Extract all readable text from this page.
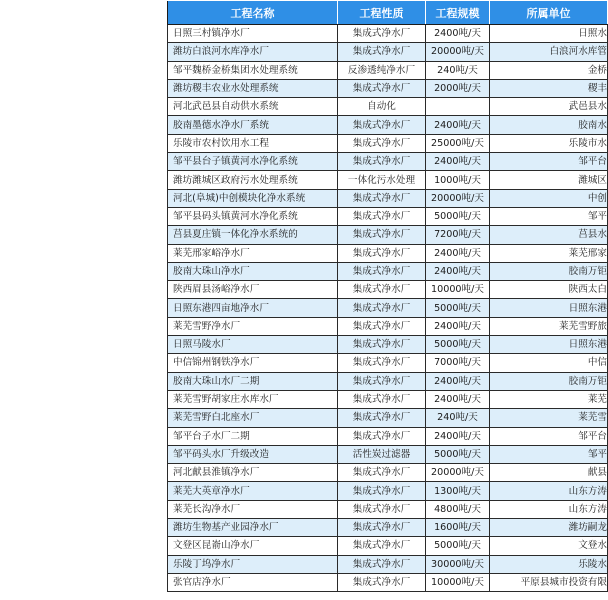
工程名称	工程性质	工程规模	所属单位
日照三村镇净水厂	集成式净水厂	2400吨/天	日照水
潍坊白浪河水库净水厂	集成式净水厂	20000吨/天	白浪河水库管
邹平魏桥金桥集团水处理系统	反渗透纯净水厂	240吨/天	金桥
潍坊稷丰农业水处理系统	集成式净水厂	2000吨/天	稷丰
河北武邑县自动供水系统	自动化		武邑县水
胶南墨德水净水厂系统	集成式净水厂	2400吨/天	胶南水
乐陵市农村饮用水工程	集成式净水厂	25000吨/天	乐陵市水
邹平县台子镇黄河水净化系统	集成式净水厂	2400吨/天	邹平台
潍坊潍城区政府污水处理系统	一体化污水处理	1000吨/天	潍城区
河北(阜城)中创模块化净水系统	集成式净水厂	20000吨/天	中创
邹平县码头镇黄河水净化系统	集成式净水厂	5000吨/天	邹平
莒县夏庄镇一体化净水系统的	集成式净水厂	7200吨/天	莒县水
莱芜邢家峪净水厂	集成式净水厂	2400吨/天	莱芜邢家
胶南大珠山净水厂	集成式净水厂	2400吨/天	胶南万钜
陕西眉县汤峪净水厂	集成式净水厂	10000吨/天	陕西太白
日照东港四亩地净水厂	集成式净水厂	5000吨/天	日照东港
莱芜雪野净水厂	集成式净水厂	2400吨/天	莱芜雪野旅
日照马陵水厂	集成式净水厂	5000吨/天	日照东港
中信锦州钢铁净水厂	集成式净水厂	7000吨/天	中信
胶南大珠山水厂二期	集成式净水厂	2400吨/天	胶南万钜
莱芜雪野胡家庄水库水厂	集成式净水厂	2400吨/天	莱芜
莱芜雪野白北座水厂	集成式净水厂	240吨/天	莱芜雪
邹平台子水厂二期	集成式净水厂	2400吨/天	邹平台
邹平码头水厂升级改造	活性炭过滤器	5000吨/天	邹平
河北献县淮镇净水厂	集成式净水厂	20000吨/天	献县
莱芜大英章净水厂	集成式净水厂	1300吨/天	山东方涛
莱芜长沟净水厂	集成式净水厂	4800吨/天	山东方涛
潍坊生物基产业园净水厂	集成式净水厂	1600吨/天	潍坊嗣龙
文登区昆嵛山净水厂	集成式净水厂	5000吨/天	文登水
乐陵丁坞净水厂	集成式净水厂	30000吨/天	乐陵水
张官店净水厂	集成式净水厂	10000吨/天	平原县城市投资有限
